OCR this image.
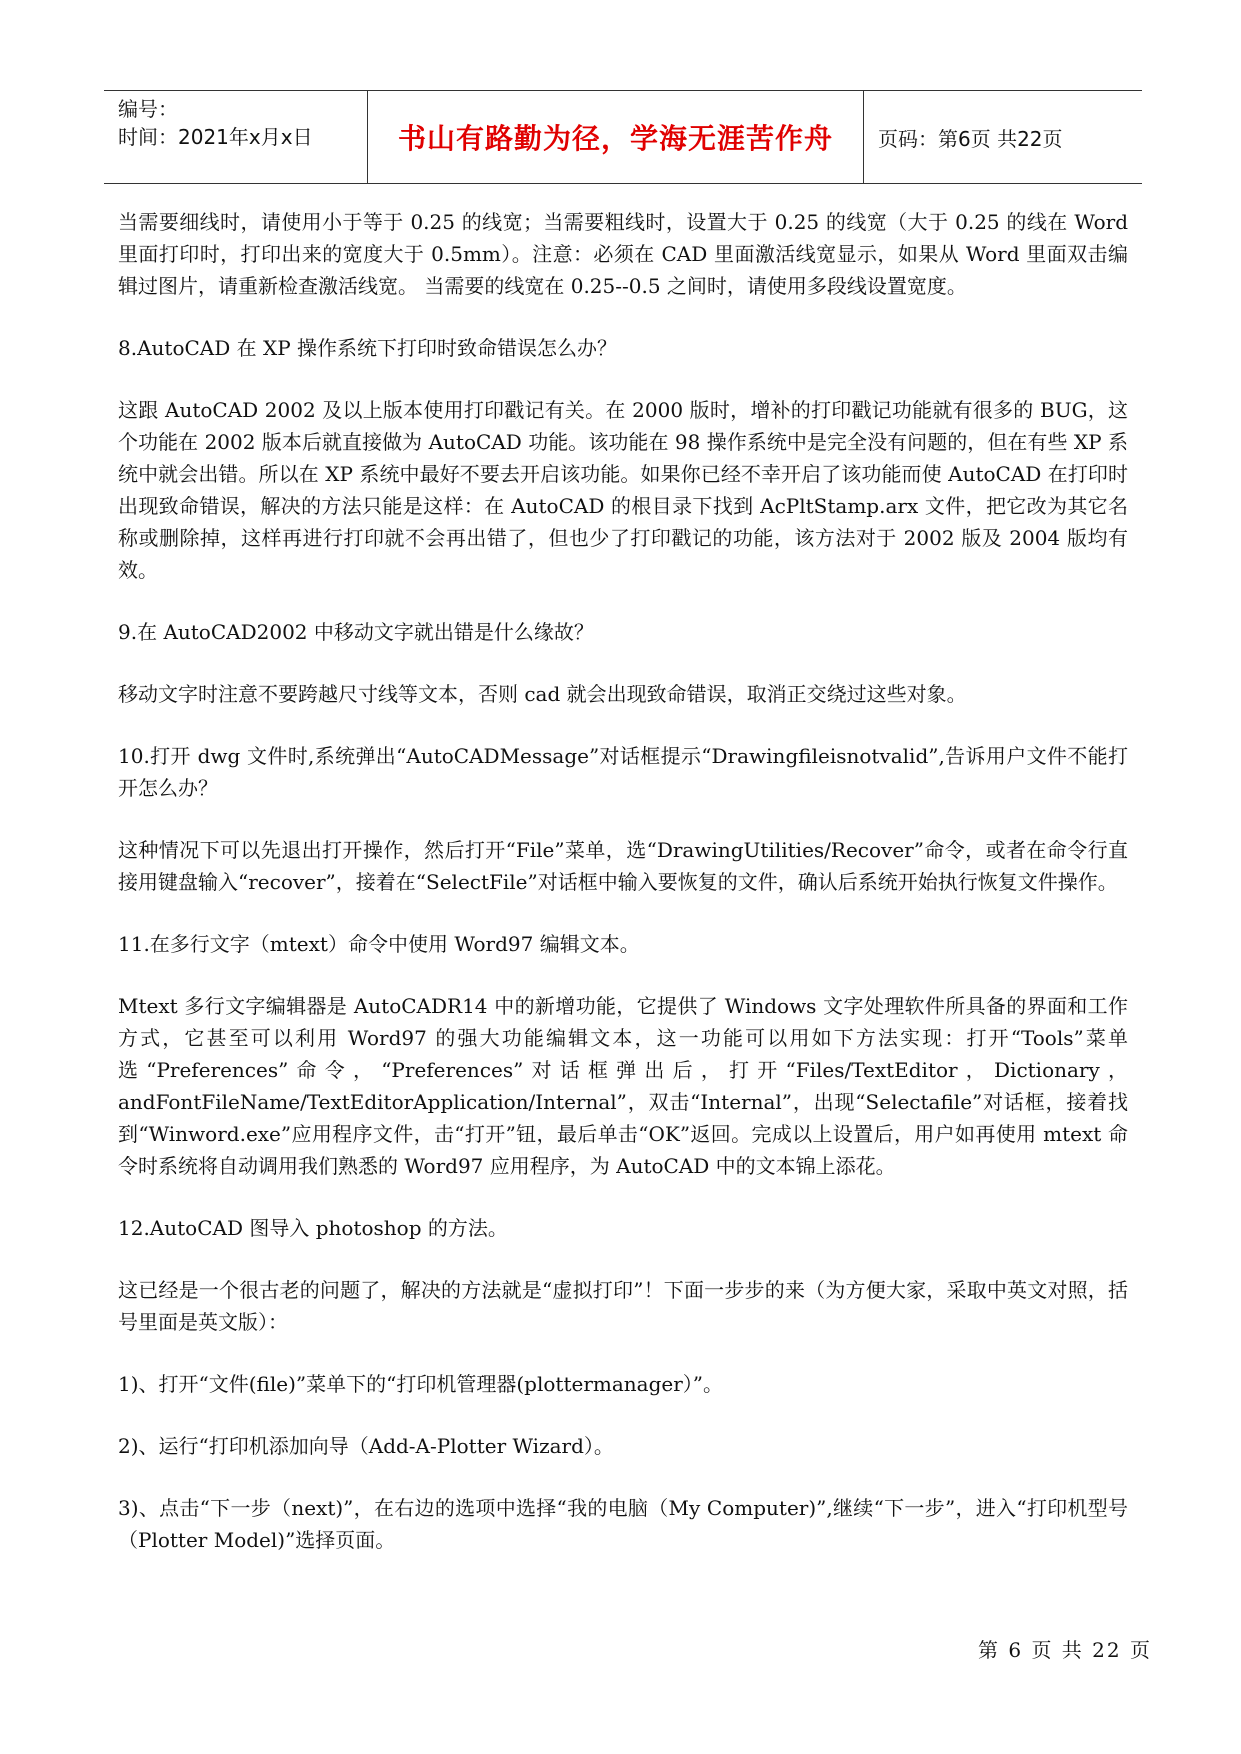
编号：
时间：2021年x月x日	书山有路勤为径，学海无涯苦作舟	页码：第6页 共22页

当需要细线时，请使用小于等于 0.25 的线宽；当需要粗线时，设置大于 0.25 的线宽（大于 0.25 的线在 Word 里面打印时，打印出来的宽度大于 0.5mm）。注意：必须在 CAD 里面激活线宽显示，如果从 Word 里面双击编辑过图片，请重新检查激活线宽。 当需要的线宽在 0.25--0.5 之间时，请使用多段线设置宽度。

8.AutoCAD 在 XP 操作系统下打印时致命错误怎么办？

这跟 AutoCAD 2002 及以上版本使用打印戳记有关。在 2000 版时，增补的打印戳记功能就有很多的 BUG，这个功能在 2002 版本后就直接做为 AutoCAD 功能。该功能在 98 操作系统中是完全没有问题的，但在有些 XP 系统中就会出错。所以在 XP 系统中最好不要去开启该功能。如果你已经不幸开启了该功能而使 AutoCAD 在打印时出现致命错误，解决的方法只能是这样：在 AutoCAD 的根目录下找到 AcPltStamp.arx 文件，把它改为其它名称或删除掉，这样再进行打印就不会再出错了，但也少了打印戳记的功能，该方法对于 2002 版及 2004 版均有效。

9.在 AutoCAD2002 中移动文字就出错是什么缘故？

移动文字时注意不要跨越尺寸线等文本，否则 cad 就会出现致命错误，取消正交绕过这些对象。

10.打开 dwg 文件时,系统弹出“AutoCADMessage”对话框提示“Drawingfileisnotvalid”,告诉用户文件不能打开怎么办？

这种情况下可以先退出打开操作，然后打开“File”菜单，选“DrawingUtilities/Recover”命令，或者在命令行直接用键盘输入“recover”，接着在“SelectFile”对话框中输入要恢复的文件，确认后系统开始执行恢复文件操作。

11.在多行文字（mtext）命令中使用 Word97 编辑文本。

Mtext 多行文字编辑器是 AutoCADR14 中的新增功能，它提供了 Windows 文字处理软件所具备的界面和工作方式，它甚至可以利用 Word97 的强大功能编辑文本，这一功能可以用如下方法实现：打开“Tools”菜单选“Preferences”命令，“Preferences”对话框弹出后，打开“Files/TextEditor，Dictionary，andFontFileName/TextEditorApplication/Internal”，双击“Internal”，出现“Selectafile”对话框，接着找到“Winword.exe”应用程序文件，击“打开”钮，最后单击“OK”返回。完成以上设置后，用户如再使用 mtext 命令时系统将自动调用我们熟悉的 Word97 应用程序，为 AutoCAD 中的文本锦上添花。

12.AutoCAD 图导入 photoshop 的方法。

这已经是一个很古老的问题了，解决的方法就是“虚拟打印”！下面一步步的来（为方便大家，采取中英文对照，括号里面是英文版）：

1)、打开“文件(file)”菜单下的“打印机管理器(plottermanager）”。

2)、运行“打印机添加向导（Add-A-Plotter Wizard）。

3)、点击“下一步（next)”，在右边的选项中选择“我的电脑（My Computer)”,继续“下一步”，进入“打印机型号（Plotter Model)”选择页面。

第 6 页 共 22 页
